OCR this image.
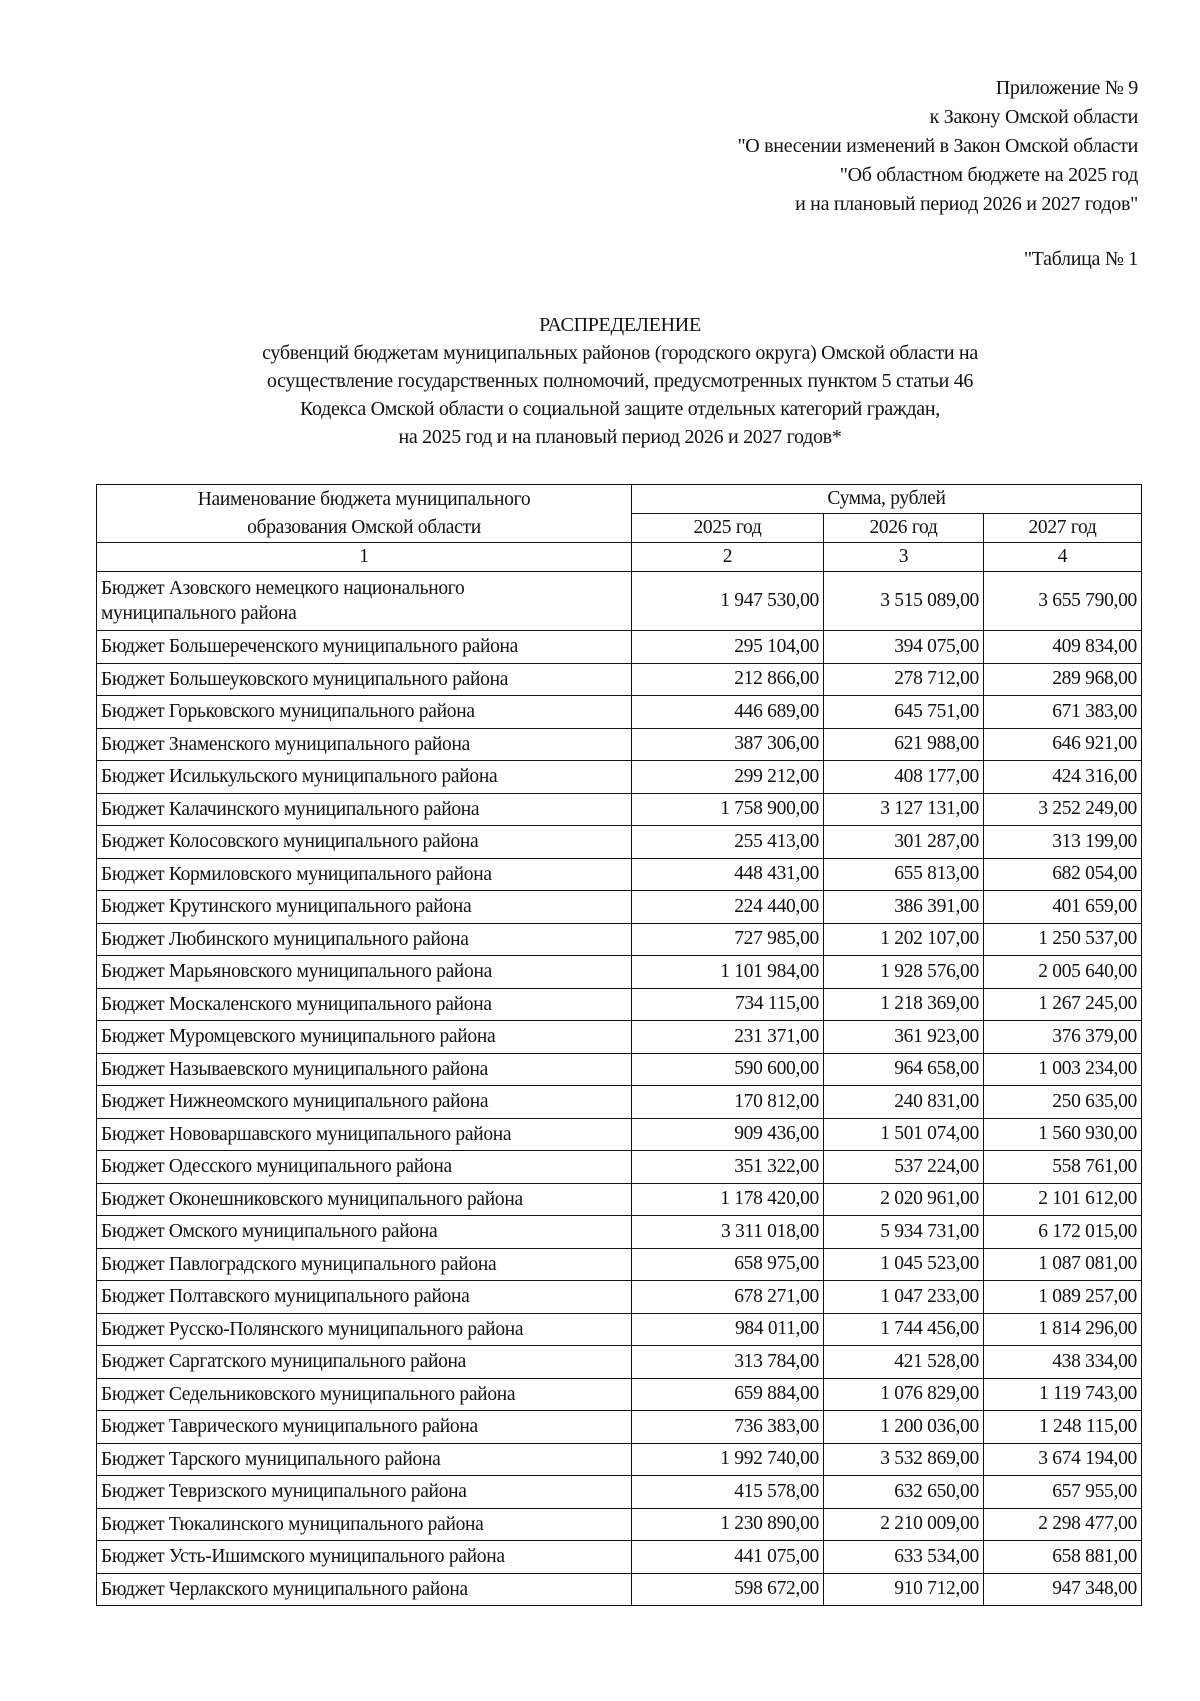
Приложение № 9
к Закону Омской области
"О внесении изменений в Закон Омской области
"Об областном бюджете на 2025 год
и на плановый период 2026 и 2027 годов"
"Таблица № 1
РАСПРЕДЕЛЕНИЕ
субвенций бюджетам муниципальных районов (городского округа) Омской области на
осуществление государственных полномочий, предусмотренных пунктом 5 статьи 46
Кодекса Омской области о социальной защите отдельных категорий граждан,
на 2025 год и на плановый период 2026 и 2027 годов*
Наименование бюджета муниципального образования Омской области	Сумма, рублей		
	2025 год	2026 год	2027 год
1	2	3	4
Бюджет Азовского немецкого национального муниципального района	1 947 530,00	3 515 089,00	3 655 790,00
Бюджет Большереченского муниципального района	295 104,00	394 075,00	409 834,00
Бюджет Большеуковского муниципального района	212 866,00	278 712,00	289 968,00
Бюджет Горьковского муниципального района	446 689,00	645 751,00	671 383,00
Бюджет Знаменского муниципального района	387 306,00	621 988,00	646 921,00
Бюджет Исилькульского муниципального района	299 212,00	408 177,00	424 316,00
Бюджет Калачинского муниципального района	1 758 900,00	3 127 131,00	3 252 249,00
Бюджет Колосовского муниципального района	255 413,00	301 287,00	313 199,00
Бюджет Кормиловского муниципального района	448 431,00	655 813,00	682 054,00
Бюджет Крутинского муниципального района	224 440,00	386 391,00	401 659,00
Бюджет Любинского муниципального района	727 985,00	1 202 107,00	1 250 537,00
Бюджет Марьяновского муниципального района	1 101 984,00	1 928 576,00	2 005 640,00
Бюджет Москаленского муниципального района	734 115,00	1 218 369,00	1 267 245,00
Бюджет Муромцевского муниципального района	231 371,00	361 923,00	376 379,00
Бюджет Называевского муниципального района	590 600,00	964 658,00	1 003 234,00
Бюджет Нижнеомского муниципального района	170 812,00	240 831,00	250 635,00
Бюджет Нововаршавского муниципального района	909 436,00	1 501 074,00	1 560 930,00
Бюджет Одесского муниципального района	351 322,00	537 224,00	558 761,00
Бюджет Оконешниковского муниципального района	1 178 420,00	2 020 961,00	2 101 612,00
Бюджет Омского муниципального района	3 311 018,00	5 934 731,00	6 172 015,00
Бюджет Павлоградского муниципального района	658 975,00	1 045 523,00	1 087 081,00
Бюджет Полтавского муниципального района	678 271,00	1 047 233,00	1 089 257,00
Бюджет Русско-Полянского муниципального района	984 011,00	1 744 456,00	1 814 296,00
Бюджет Саргатского муниципального района	313 784,00	421 528,00	438 334,00
Бюджет Седельниковского муниципального района	659 884,00	1 076 829,00	1 119 743,00
Бюджет Таврического муниципального района	736 383,00	1 200 036,00	1 248 115,00
Бюджет Тарского муниципального района	1 992 740,00	3 532 869,00	3 674 194,00
Бюджет Тевризского муниципального района	415 578,00	632 650,00	657 955,00
Бюджет Тюкалинского муниципального района	1 230 890,00	2 210 009,00	2 298 477,00
Бюджет Усть-Ишимского муниципального района	441 075,00	633 534,00	658 881,00
Бюджет Черлакского муниципального района	598 672,00	910 712,00	947 348,00
